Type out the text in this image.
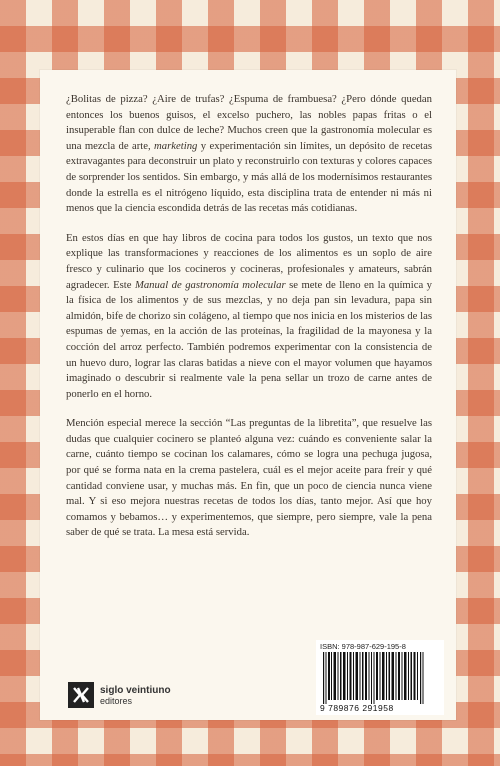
¿Bolitas de pizza? ¿Aire de trufas? ¿Espuma de frambuesa? ¿Pero dónde quedan entonces los buenos guisos, el excelso puchero, las nobles papas fritas o el insuperable flan con dulce de leche? Muchos creen que la gastronomía molecular es una mezcla de arte, marketing y experimentación sin límites, un depósito de recetas extravagantes para deconstruir un plato y reconstruirlo con texturas y colores capaces de sorprender los sentidos. Sin embargo, y más allá de los modernísimos restaurantes donde la estrella es el nitrógeno líquido, esta disciplina trata de entender ni más ni menos que la ciencia escondida detrás de las recetas más cotidianas.

En estos días en que hay libros de cocina para todos los gustos, un texto que nos explique las transformaciones y reacciones de los alimentos es un soplo de aire fresco y culinario que los cocineros y cocineras, profesionales y amateurs, sabrán agradecer. Este Manual de gastronomía molecular se mete de lleno en la química y la física de los alimentos y de sus mezclas, y no deja pan sin levadura, papa sin almidón, bife de chorizo sin colágeno, al tiempo que nos inicia en los misterios de las espumas de yemas, en la acción de las proteínas, la fragilidad de la mayonesa y la cocción del arroz perfecto. También podremos experimentar con la consistencia de un huevo duro, lograr las claras batidas a nieve con el mayor volumen que hayamos imaginado o descubrir si realmente vale la pena sellar un trozo de carne antes de ponerlo en el horno.

Mención especial merece la sección “Las preguntas de la libretita”, que resuelve las dudas que cualquier cocinero se planteó alguna vez: cuándo es conveniente salar la carne, cuánto tiempo se cocinan los calamares, cómo se logra una pechuga jugosa, por qué se forma nata en la crema pastelera, cuál es el mejor aceite para freír y qué cantidad conviene usar, y muchas más. En fin, que un poco de ciencia nunca viene mal. Y si eso mejora nuestras recetas de todos los días, tanto mejor. Así que hoy comamos y bebamos… y experimentemos, que siempre, pero siempre, vale la pena saber de qué se trata. La mesa está servida.

ISBN: 978-987-629-195-8
9 789876 291958
siglo veintiuno
editores
